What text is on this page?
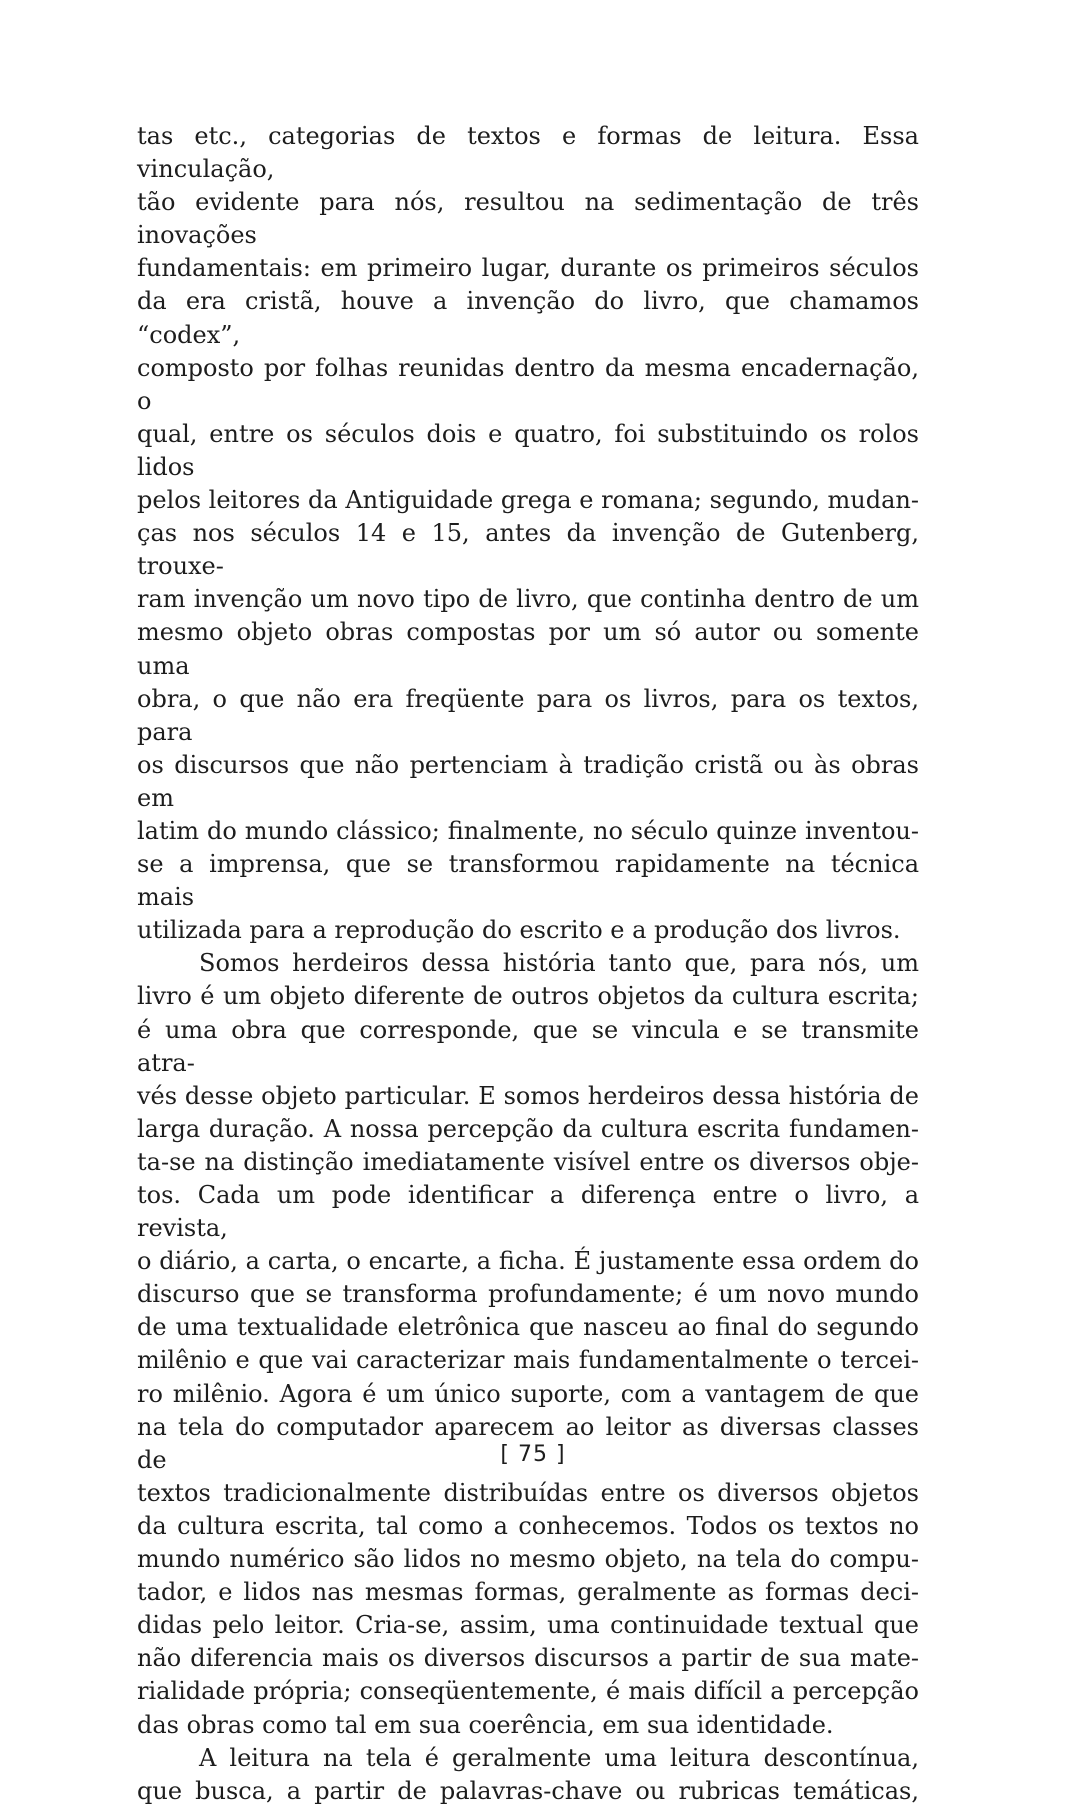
tas etc., categorias de textos e formas de leitura. Essa vinculação,

tão evidente para nós, resultou na sedimentação de três inovações

fundamentais: em primeiro lugar, durante os primeiros séculos

da era cristã, houve a invenção do livro, que chamamos “codex”,

composto por folhas reunidas dentro da mesma encadernação, o

qual, entre os séculos dois e quatro, foi substituindo os rolos lidos

pelos leitores da Antiguidade grega e romana; segundo, mudan-

ças nos séculos 14 e 15, antes da invenção de Gutenberg, trouxe-

ram invenção um novo tipo de livro, que continha dentro de um

mesmo objeto obras compostas por um só autor ou somente uma

obra, o que não era freqüente para os livros, para os textos, para

os discursos que não pertenciam à tradição cristã ou às obras em

latim do mundo clássico; finalmente, no século quinze inventou-

se a imprensa, que se transformou rapidamente na técnica mais

utilizada para a reprodução do escrito e a produção dos livros.

Somos herdeiros dessa história tanto que, para nós, um

livro é um objeto diferente de outros objetos da cultura escrita;

é uma obra que corresponde, que se vincula e se transmite atra-

vés desse objeto particular. E somos herdeiros dessa história de

larga duração. A nossa percepção da cultura escrita fundamen-

ta-se na distinção imediatamente visível entre os diversos obje-

tos. Cada um pode identificar a diferença entre o livro, a revista,

o diário, a carta, o encarte, a ficha. É justamente essa ordem do

discurso que se transforma profundamente; é um novo mundo

de uma textualidade eletrônica que nasceu ao final do segundo

milênio e que vai caracterizar mais fundamentalmente o tercei-

ro milênio. Agora é um único suporte, com a vantagem de que

na tela do computador aparecem ao leitor as diversas classes de

textos tradicionalmente distribuídas entre os diversos objetos

da cultura escrita, tal como a conhecemos. Todos os textos no

mundo numérico são lidos no mesmo objeto, na tela do compu-

tador, e lidos nas mesmas formas, geralmente as formas deci-

didas pelo leitor. Cria-se, assim, uma continuidade textual que

não diferencia mais os diversos discursos a partir de sua mate-

rialidade própria; conseqüentemente, é mais difícil a percepção

das obras como tal em sua coerência, em sua identidade.

A leitura na tela é geralmente uma leitura descontínua,

que busca, a partir de palavras-chave ou rubricas temáticas,

[ 75 ]
